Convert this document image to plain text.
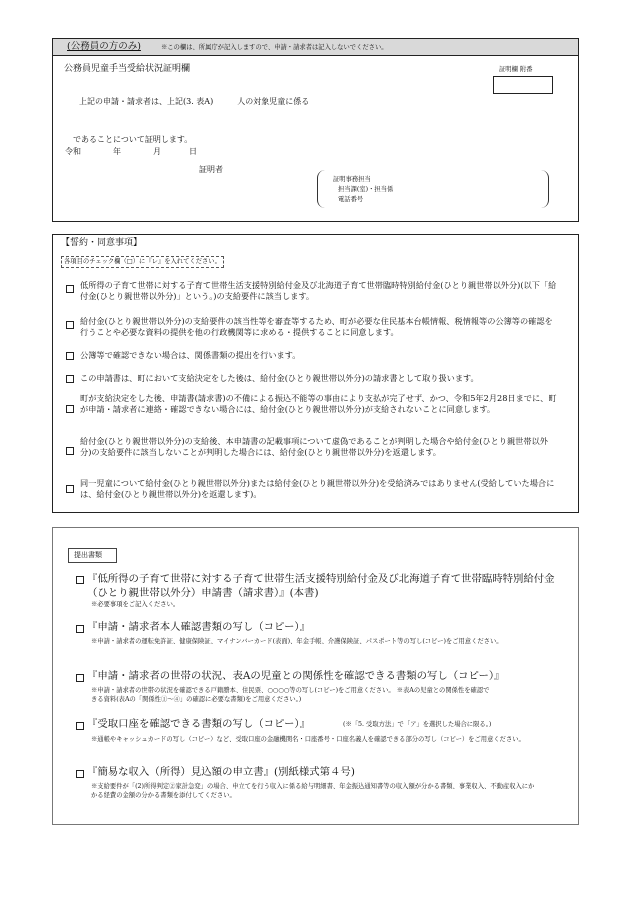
(公務員の方のみ)	※この欄は、所属庁が記入しますので、申請・請求者は記入しないでください。
公務員児童手当受給状況証明欄	証明欄 附番
上記の申請・請求者は、上記(3. 表A)　　　人の対象児童に係る
であることについて証明します。
令和	年	月	日
証明者
証明事務担当
担当課(室)・担当係
電話番号
【誓約・同意事項】
各項目のチェック欄（□）に『レ』を入れてください。
低所得の子育て世帯に対する子育て世帯生活支援特別給付金及び北海道子育て世帯臨時特別給付金(ひとり親世帯以外分)(以下「給付金(ひとり親世帯以外分)」という。)の支給要件に該当します。
給付金(ひとり親世帯以外分)の支給要件の該当性等を審査等するため、町が必要な住民基本台帳情報、税情報等の公簿等の確認を行うことや必要な資料の提供を他の行政機関等に求める・提供することに同意します。
公簿等で確認できない場合は、関係書類の提出を行います。
この申請書は、町において支給決定をした後は、給付金(ひとり親世帯以外分)の請求書として取り扱います。
町が支給決定をした後、申請書(請求書)の不備による振込不能等の事由により支払が完了せず、かつ、令和5年2月28日までに、町が申請・請求者に連絡・確認できない場合には、給付金(ひとり親世帯以外分)が支給されないことに同意します。
給付金(ひとり親世帯以外分)の支給後、本申請書の記載事項について虚偽であることが判明した場合や給付金(ひとり親世帯以外分)の支給要件に該当しないことが判明した場合には、給付金(ひとり親世帯以外分)を返還します。
同一児童について給付金(ひとり親世帯以外分)または給付金(ひとり親世帯以外分)を受給済みではありません(受給していた場合には、給付金(ひとり親世帯以外分)を返還します)。
提出書類
『低所得の子育て世帯に対する子育て世帯生活支援特別給付金及び北海道子育て世帯臨時特別給付金（ひとり親世帯以外分）申請書（請求書）』(本書)
※必要事項をご記入ください。
『申請・請求者本人確認書類の写し（コピー）』
※申請・請求者の運転免許証、健康保険証、マイナンバーカード(表面)、年金手帳、介護保険証、パスポート等の写し(コピー)をご用意ください。
『申請・請求者の世帯の状況、表Aの児童との関係性を確認できる書類の写し（コピー）』
※申請・請求者の世帯の状況を確認できる戸籍謄本、住民票、○○○○等の写し(コピー)をご用意ください。 ※表Aの児童との関係性を確認できる資料(表Aの「関係性①～④」の確認に必要な書類)をご用意ください。)
『受取口座を確認できる書類の写し（コピー）』	(※「5. 受取方法」で「ア」を選択した場合に限る。)
※通帳やキャッシュカードの写し（コピー）など、受取口座の金融機関名・口座番号・口座名義人を確認できる部分の写し（コピー）をご用意ください。
『簡易な収入（所得）見込額の申立書』(別紙様式第４号)
※支給要件が「(2)所得判定②家計急変」の場合、申立てを行う収入に係る給与明細書、年金振込通知書等の収入額が分かる書類、事業収入、不動産収入にかかる経費の金額の分かる書類を添付してください。
